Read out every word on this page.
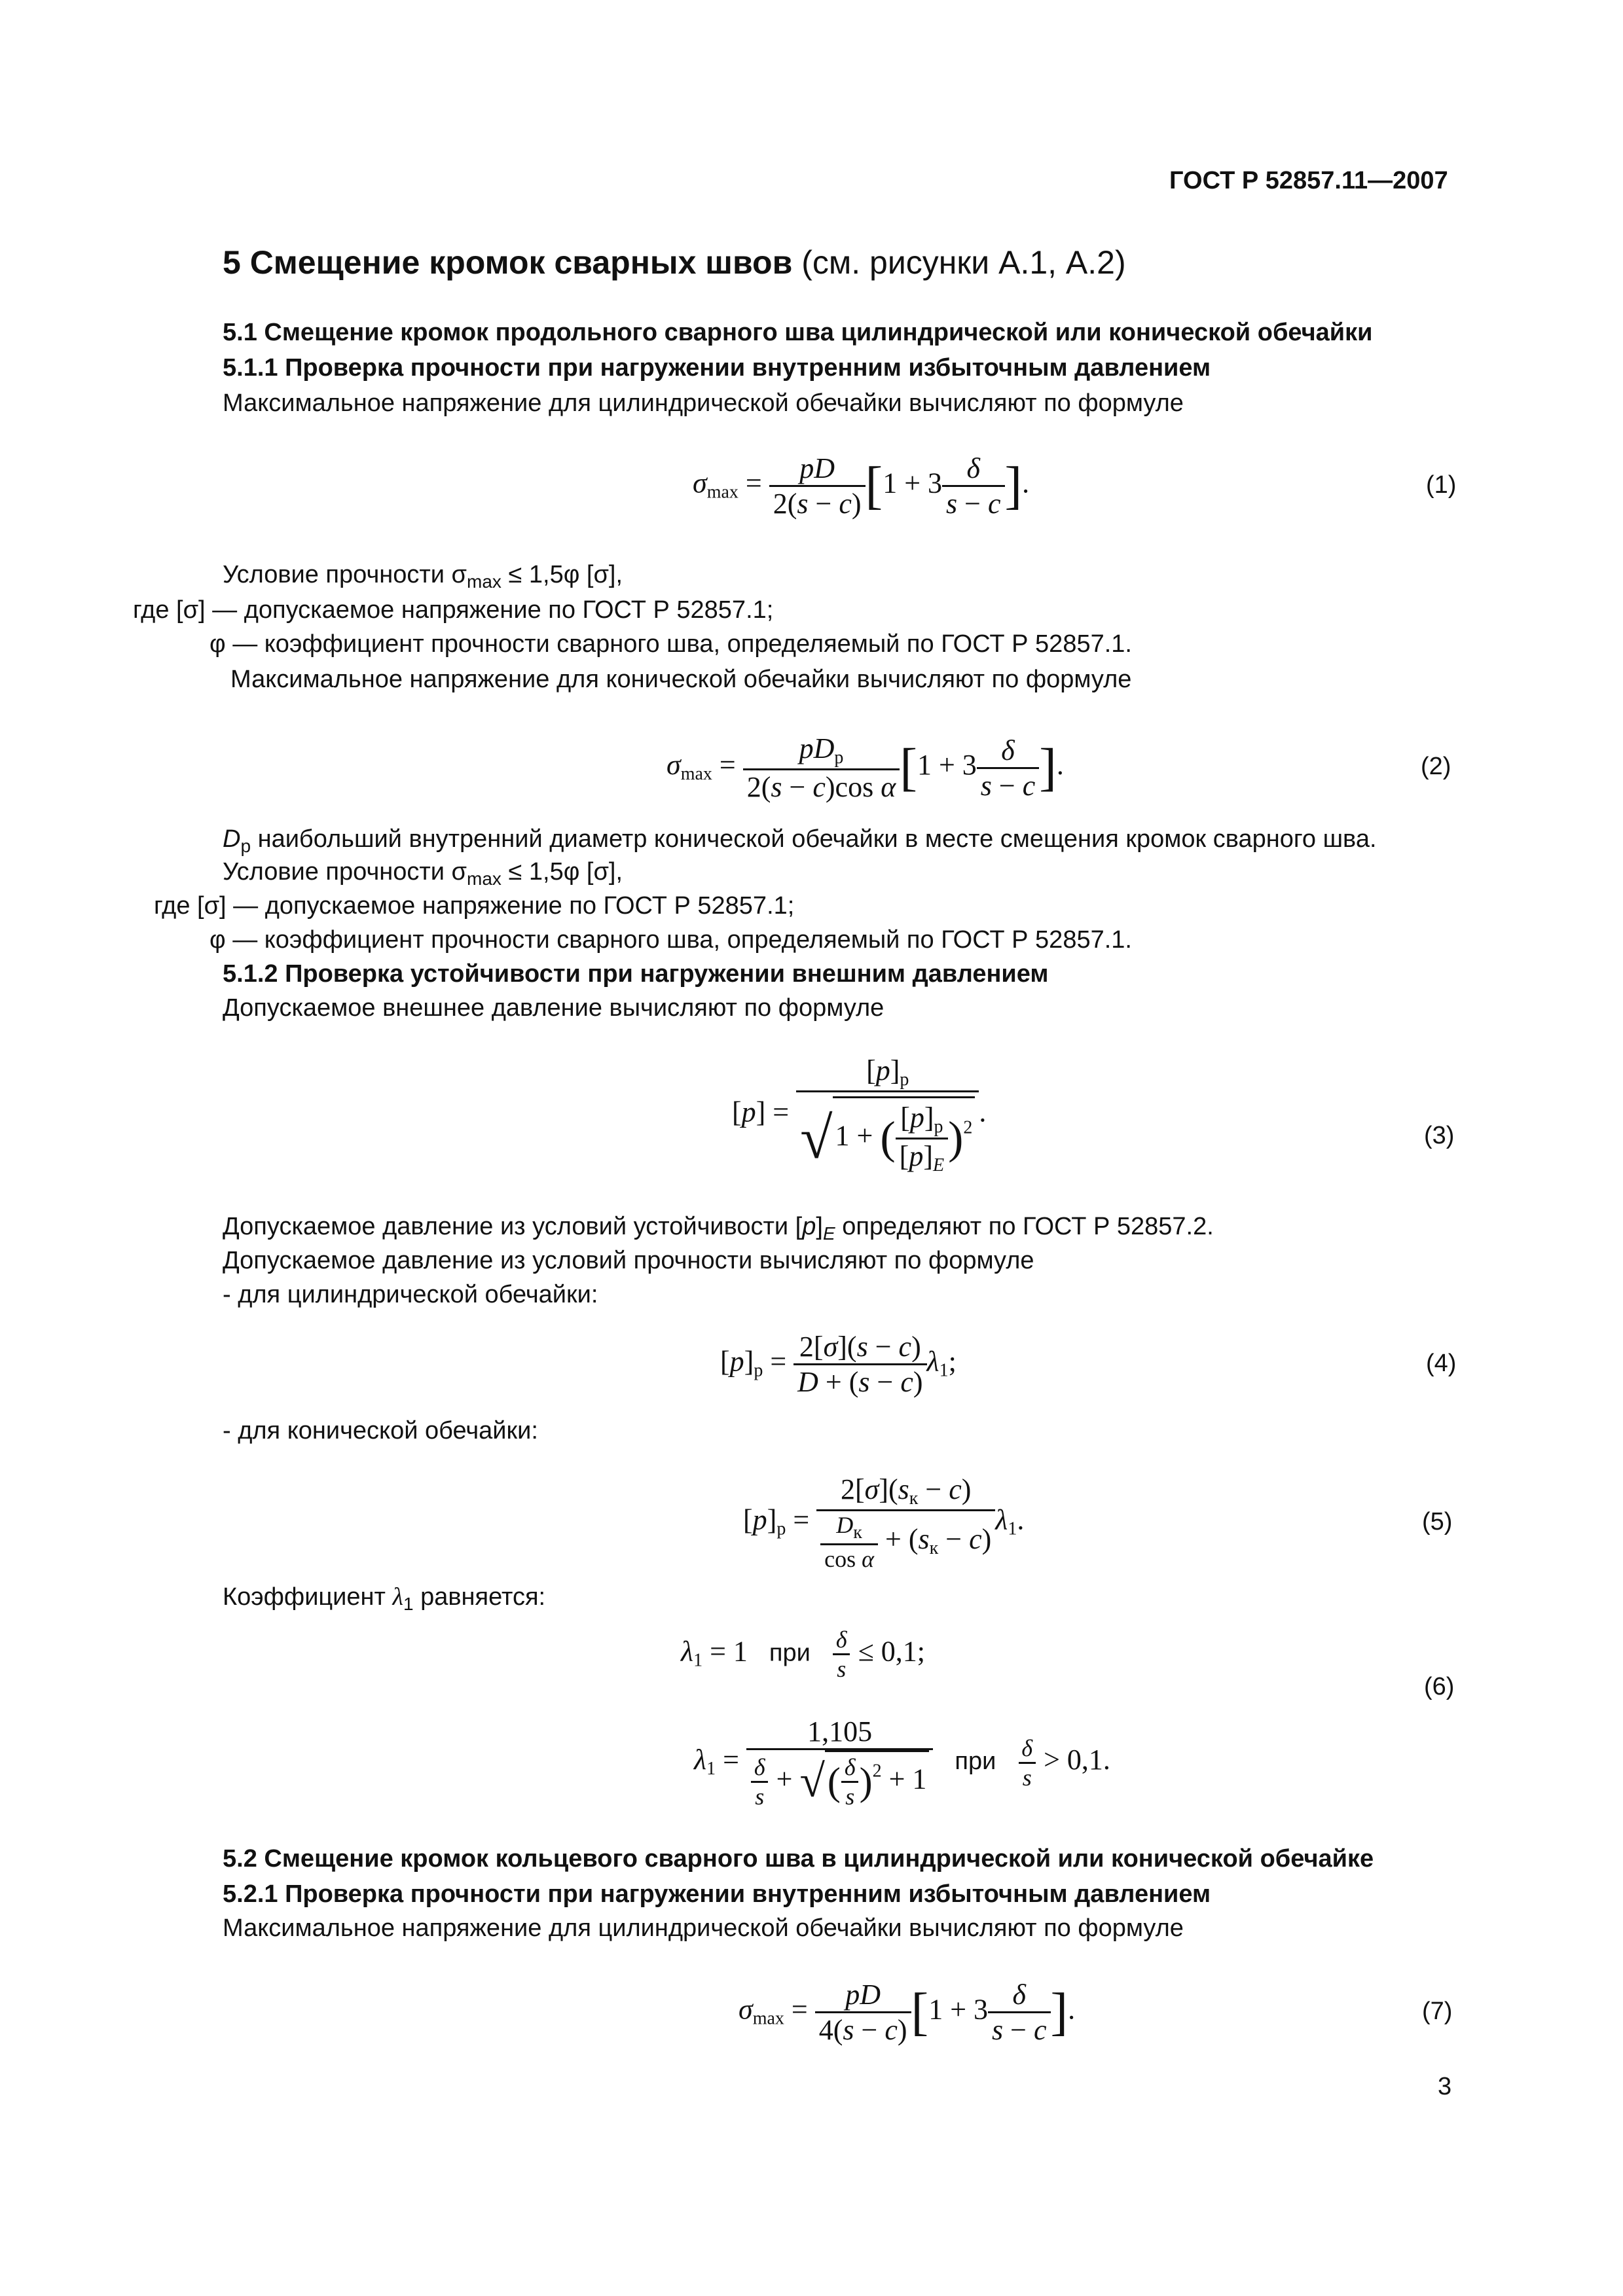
ГОСТ Р 52857.11—2007
5 Смещение кромок сварных швов (см. рисунки А.1, А.2)
5.1 Смещение кромок продольного сварного шва цилиндрической или конической обечайки
5.1.1 Проверка прочности при нагружении внутренним избыточным давлением
Максимальное напряжение для цилиндрической обечайки вычисляют по формуле
$\sigma_{max} = \frac{pD}{2(s - c)} [1 + 3 \frac{\delta}{s - c}$ ].	(1)
Условие прочности $\sigma_{max} \le 1,5\varphi$ [σ],
где [σ] — допускаемое напряжение по ГОСТ Р 52857.1;
φ — коэффициент прочности сварного шва, определяемый по ГОСТ Р 52857.1.
Максимальное напряжение для конической обечайки вычисляют по формуле
$\sigma_{max} = \frac{pD_р}{\text{2(s − c)cos α}} [1 + 3 \frac{\delta}{s - c}$ ].	(2)
$D_р$ наибольший внутренний диаметр конической обечайки в месте смещения кромок сварного шва.
Условие прочности $\sigma_{max} \le 1,5\varphi$ [σ],
где [σ] — допускаемое напряжение по ГОСТ Р 52857.1;
φ — коэффициент прочности сварного шва, определяемый по ГОСТ Р 52857.1.
5.1.2 Проверка устойчивости при нагружении внешним давлением
Допускаемое внешнее давление вычисляют по формуле
$[p] = \frac{[p]_р}{√1 + ( \frac{[p]_р}{[p]_E} )^2}$ .
(3)
Допускаемое давление из условий устойчивости $[p]_E$ определяют по ГОСТ Р 52857.2.
Допускаемое давление из условий прочности вычисляют по формуле
- для цилиндрической обечайки:
$[p]_р = \frac{2[\sigma](s - c)}{D + (s - c)} \lambda_1$;	(4)
- для конической обечайки:
$[p]_р = \frac{2[\sigma](s_к - c)}{\frac{D_к}{\text{cos α}} + (s_к - c)} \lambda_1$.	(5)
Коэффициент $\lambda_1$ равняется:
$\lambda_1 = 1$   при $\frac{\delta}{s} \le 0,1$;
(6)
$\lambda_1 = \frac{1,105}{\frac{\delta}{s} + √( \frac{\delta}{s} )^2 + 1}$ при $\frac{\delta}{s} > 0,1$.
5.2 Смещение кромок кольцевого сварного шва в цилиндрической или конической обечайке
5.2.1 Проверка прочности при нагружении внутренним избыточным давлением
Максимальное напряжение для цилиндрической обечайки вычисляют по формуле
$\sigma_{max} = \frac{pD}{4(s - c)} [1 + 3 \frac{\delta}{s - c}$ ].	(7)
3
